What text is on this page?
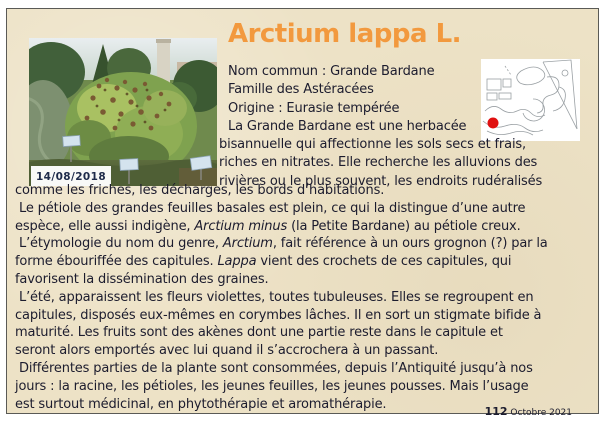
14/08/2018
Arctium lappa L.
Nom commun : Grande Bardane
Famille des Astéracées
Origine : Eurasie tempérée
La Grande Bardane est une herbacée
bisannuelle qui affectionne les sols secs et frais,
riches en nitrates. Elle recherche les alluvions des
rivières ou le plus souvent, les endroits rudéralisés
comme les friches, les décharges, les bords d’habitations.
Le pétiole des grandes feuilles basales est plein, ce qui la distingue d’une autre
espèce, elle aussi indigène, Arctium minus (la Petite Bardane) au pétiole creux.
L’étymologie du nom du genre, Arctium, fait référence à un ours grognon (?) par la
forme ébouriffée des capitules. Lappa vient des crochets de ces capitules, qui
favorisent la dissémination des graines.
L’été, apparaissent les fleurs violettes, toutes tubuleuses. Elles se regroupent en
capitules, disposés eux-mêmes en corymbes lâches. Il en sort un stigmate bifide à
maturité. Les fruits sont des akènes dont une partie reste dans le capitule et
seront alors emportés avec lui quand il s’accrochera à un passant.
Différentes parties de la plante sont consommées, depuis l’Antiquité jusqu’à nos
jours : la racine, les pétioles, les jeunes feuilles, les jeunes pousses. Mais l’usage
est surtout médicinal, en phytothérapie et aromathérapie.	112 Octobre 2021
